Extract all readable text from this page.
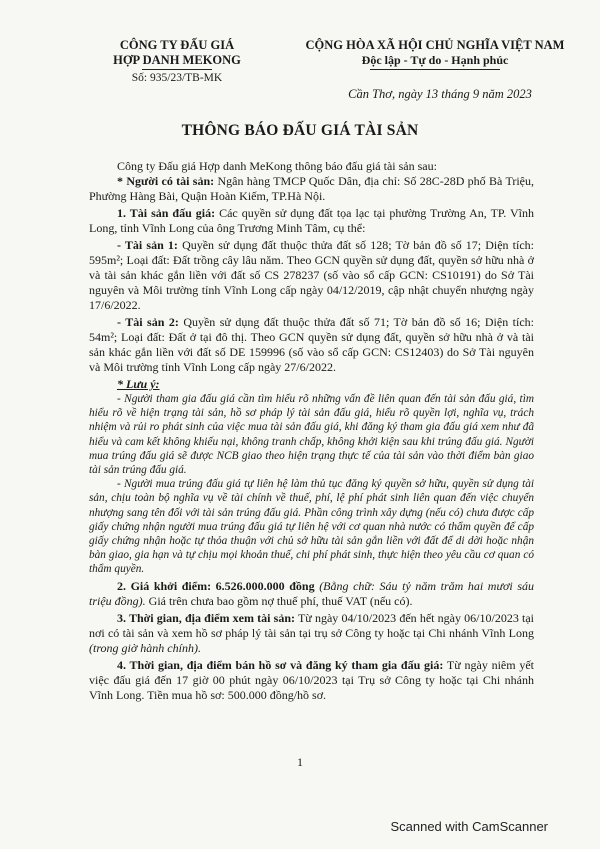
CÔNG TY ĐẤU GIÁ
HỢP DANH MEKONG
Số: 935/23/TB-MK
CỘNG HÒA XÃ HỘI CHỦ NGHĨA VIỆT NAM
Độc lập - Tự do - Hạnh phúc
Cần Thơ, ngày 13 tháng 9 năm 2023
THÔNG BÁO ĐẤU GIÁ TÀI SẢN

Công ty Đấu giá Hợp danh MeKong thông báo đấu giá tài sản sau:

* Người có tài sản: Ngân hàng TMCP Quốc Dân, địa chỉ: Số 28C-28D phố Bà Triệu, Phường Hàng Bài, Quận Hoàn Kiếm, TP.Hà Nội.

1. Tài sản đấu giá: Các quyền sử dụng đất tọa lạc tại phường Trường An, TP. Vĩnh Long, tỉnh Vĩnh Long của ông Trương Minh Tâm, cụ thể:

- Tài sản 1: Quyền sử dụng đất thuộc thửa đất số 128; Tờ bản đồ số 17; Diện tích: 595m²; Loại đất: Đất trồng cây lâu năm. Theo GCN quyền sử dụng đất, quyền sở hữu nhà ở và tài sản khác gắn liền với đất số CS 278237 (số vào sổ cấp GCN: CS10191) do Sở Tài nguyên và Môi trường tỉnh Vĩnh Long cấp ngày 04/12/2019, cập nhật chuyển nhượng ngày 17/6/2022.

- Tài sản 2: Quyền sử dụng đất thuộc thửa đất số 71; Tờ bản đồ số 16; Diện tích: 54m²; Loại đất: Đất ở tại đô thị. Theo GCN quyền sử dụng đất, quyền sở hữu nhà ở và tài sản khác gắn liền với đất số DE 159996 (số vào sổ cấp GCN: CS12403) do Sở Tài nguyên và Môi trường tỉnh Vĩnh Long cấp ngày 27/6/2022.

* Lưu ý:

- Người tham gia đấu giá cần tìm hiểu rõ những vấn đề liên quan đến tài sản đấu giá, tìm hiểu rõ về hiện trạng tài sản, hồ sơ pháp lý tài sản đấu giá, hiểu rõ quyền lợi, nghĩa vụ, trách nhiệm và rủi ro phát sinh của việc mua tài sản đấu giá, khi đăng ký tham gia đấu giá xem như đã hiểu và cam kết không khiếu nại, không tranh chấp, không khởi kiện sau khi trúng đấu giá. Người mua trúng đấu giá sẽ được NCB giao theo hiện trạng thực tế của tài sản vào thời điểm bàn giao tài sản trúng đấu giá.

- Người mua trúng đấu giá tự liên hệ làm thủ tục đăng ký quyền sở hữu, quyền sử dụng tài sản, chịu toàn bộ nghĩa vụ về tài chính về thuế, phí, lệ phí phát sinh liên quan đến việc chuyển nhượng sang tên đối với tài sản trúng đấu giá. Phần công trình xây dựng (nếu có) chưa được cấp giấy chứng nhận người mua trúng đấu giá tự liên hệ với cơ quan nhà nước có thẩm quyền để cấp giấy chứng nhận hoặc tự thỏa thuận với chủ sở hữu tài sản gắn liền với đất để di dời hoặc nhận bàn giao, gia hạn và tự chịu mọi khoản thuế, chi phí phát sinh, thực hiện theo yêu cầu cơ quan có thẩm quyền.

2. Giá khởi điểm: 6.526.000.000 đồng (Bằng chữ: Sáu tỷ năm trăm hai mươi sáu triệu đồng). Giá trên chưa bao gồm nợ thuế phí, thuế VAT (nếu có).

3. Thời gian, địa điểm xem tài sản: Từ ngày 04/10/2023 đến hết ngày 06/10/2023 tại nơi có tài sản và xem hồ sơ pháp lý tài sản tại trụ sở Công ty hoặc tại Chi nhánh Vĩnh Long (trong giờ hành chính).

4. Thời gian, địa điểm bán hồ sơ và đăng ký tham gia đấu giá: Từ ngày niêm yết việc đấu giá đến 17 giờ 00 phút ngày 06/10/2023 tại Trụ sở Công ty hoặc tại Chi nhánh Vĩnh Long. Tiền mua hồ sơ: 500.000 đồng/hồ sơ.

1
Scanned with CamScanner
